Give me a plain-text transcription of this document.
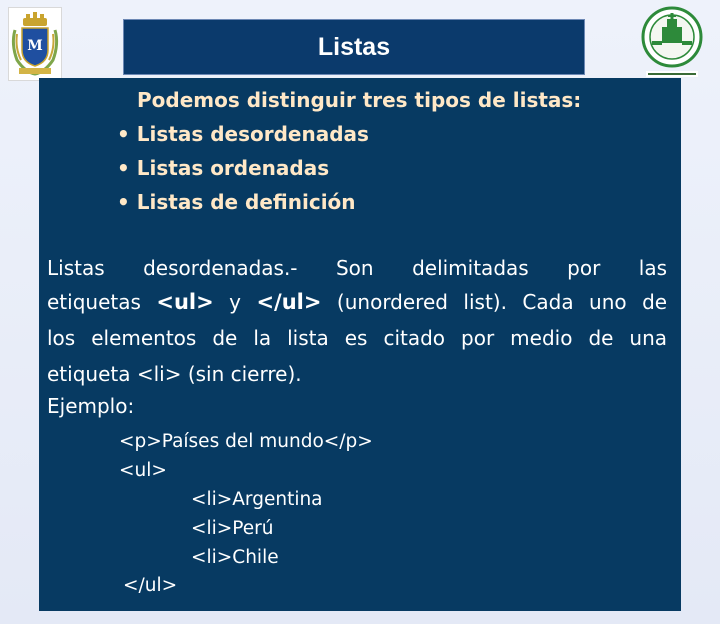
M	Listas
Podemos distinguir tres tipos de listas:
• Listas desordenadas
• Listas ordenadas
• Listas de definición
Listas desordenadas.- Son delimitadas por las
etiquetas <ul> y </ul> (unordered list). Cada uno de
los elementos de la lista es citado por medio de una
etiqueta <li> (sin cierre).
Ejemplo:
<p>Países del mundo</p>
<ul>
<li>Argentina
<li>Perú
<li>Chile
</ul>
